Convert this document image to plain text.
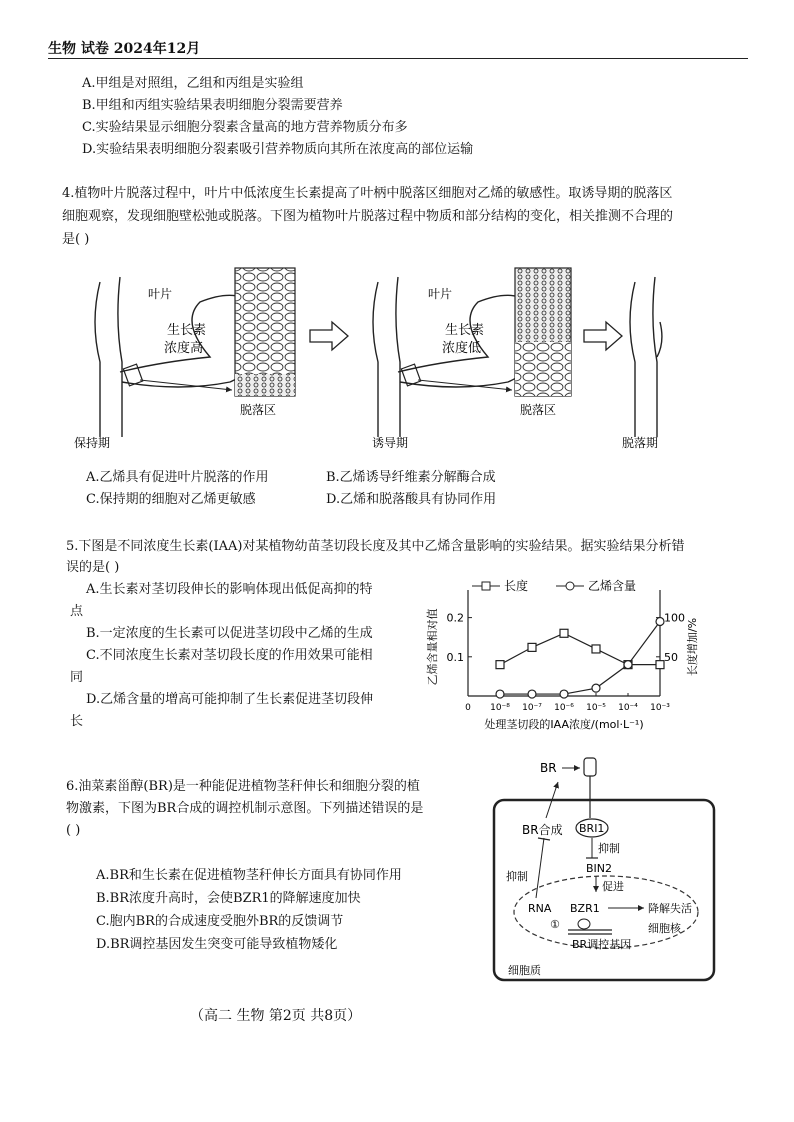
生物 试卷 2024年12月
A.甲组是对照组，乙组和丙组是实验组
B.甲组和丙组实验结果表明细胞分裂需要营养
C.实验结果显示细胞分裂素含量高的地方营养物质分布多
D.实验结果表明细胞分裂素吸引营养物质向其所在浓度高的部位运输
4.植物叶片脱落过程中，叶片中低浓度生长素提高了叶柄中脱落区细胞对乙烯的敏感性。取诱导期的脱落区
细胞观察，发现细胞壁松弛或脱落。下图为植物叶片脱落过程中物质和部分结构的变化，相关推测不合理的
是( )
叶片
生长素
浓度高
脱落区
叶片
生长素
浓度低
脱落区
保持期	诱导期	脱落期
A.乙烯具有促进叶片脱落的作用	B.乙烯诱导纤维素分解酶合成
C.保持期的细胞对乙烯更敏感	D.乙烯和脱落酸具有协同作用
5.下图是不同浓度生长素(IAA)对某植物幼苗茎切段长度及其中乙烯含量影响的实验结果。据实验结果分析错
误的是( )
A.生长素对茎切段伸长的影响体现出低促高抑的特
点
B.一定浓度的生长素可以促进茎切段中乙烯的生成
C.不同浓度生长素对茎切段长度的作用效果可能相
同
D.乙烯含量的增高可能抑制了生长素促进茎切段伸
长
0.1
0.2
50
100
0 10⁻⁸ 10⁻⁷ 10⁻⁶ 10⁻⁵ 10⁻⁴ 10⁻³
处理茎切段的IAA浓度/(mol·L⁻¹)
乙烯含量相对值	长度增加/%
长度	乙烯含量
6.油菜素甾醇(BR)是一种能促进植物茎秆伸长和细胞分裂的植
物激素，下图为BR合成的调控机制示意图。下列描述错误的是
( )
A.BR和生长素在促进植物茎秆伸长方面具有协同作用
B.BR浓度升高时，会使BZR1的降解速度加快
C.胞内BR的合成速度受胞外BR的反馈调节
D.BR调控基因发生突变可能导致植物矮化
BR
BRI1
BR合成
抑制
BIN2
促进
抑制
RNA BZR1	降解失活
细胞核
①
BR调控基因
细胞质
（高二 生物 第2页 共8页）
